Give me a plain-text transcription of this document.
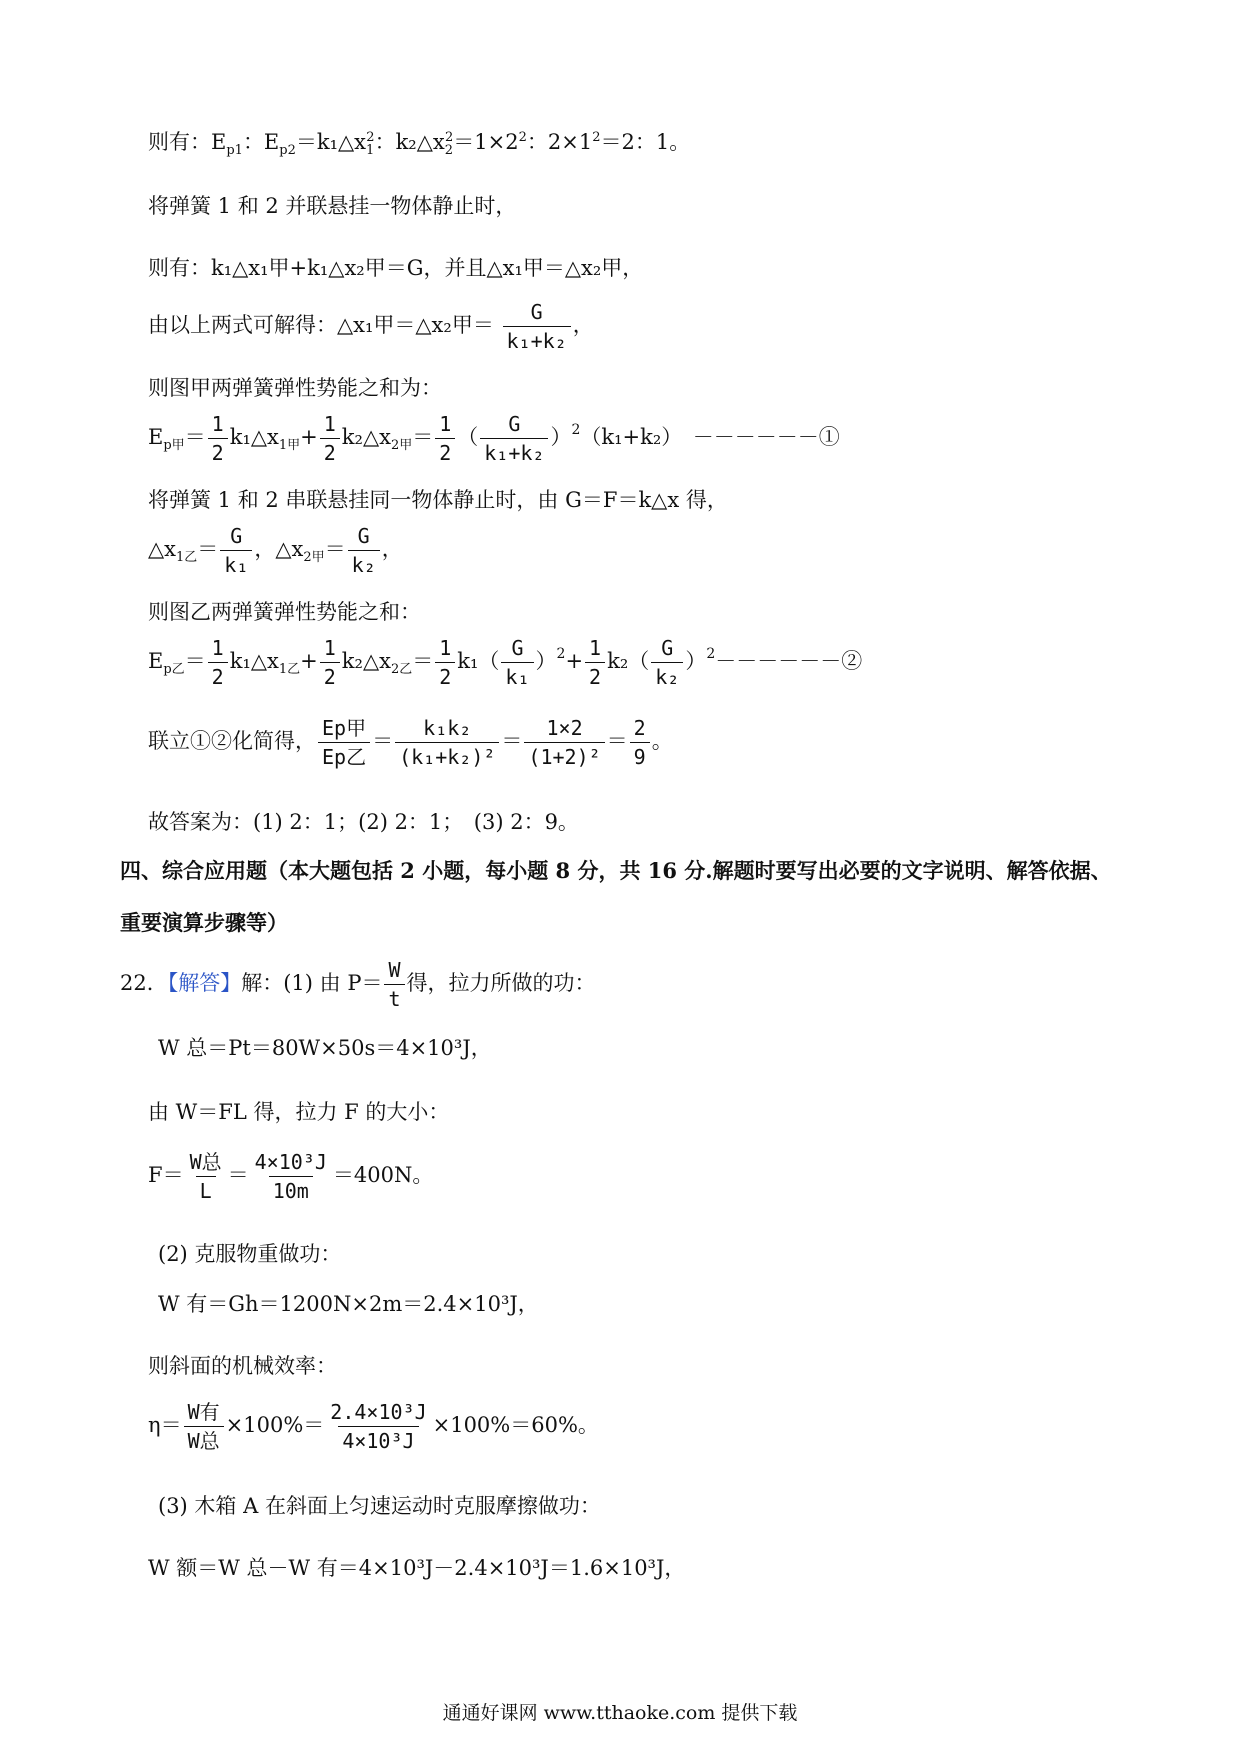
则有：$E_{p1}$：$E_{p2}=k_1\triangle x_1^2$：$k_2\triangle x_2^2=1\times 2^2$：$2\times 1^2=2$：1。
将弹簧 1 和 2 并联悬挂一物体静止时，
则有：k₁△x₁甲+k₁△x₂甲＝G，并且△x₁甲＝△x₂甲，
由以上两式可解得：△x₁甲＝△x₂甲＝ $\frac{G}{\text{k₁+k₂}}$ ，
则图甲两弹簧弹性势能之和为：
$E_{p甲}= \frac{1}{2}$ $k_1\triangle x_{1甲}+ \frac{1}{2}$ $k_2\triangle x_{2甲}= \frac{1}{2}$ （ $\frac{G}{\text{k₁+k₂}} )^2(k_1+k_2)$　－－－－－－①
将弹簧 1 和 2 串联悬挂同一物体静止时，由 G＝F＝k△x 得，
$\triangle x_{1乙}= \frac{G}{\text{k₁}}$ ，$\triangle x_{2甲}= \frac{G}{\text{k₂}}$ ，
则图乙两弹簧弹性势能之和：
$E_{p乙}= \frac{1}{2}$ $k_1\triangle x_{1乙}+ \frac{1}{2}$ $k_2\triangle x_{2乙}= \frac{1}{2} k_1( \frac{G}{\text{k₁}} )^2+ \frac{1}{2} k_2( \frac{G}{\text{k₂}}$ ）$^2------②$
联立①②化简得， $\frac{\text{Ep甲}}{\text{Ep乙}} = \frac{\text{k₁k₂}}{\text{(k₁+k₂)²}} = \frac{1\times 2}{\text{(1+2)²}} = \frac{2}{9}$ 。
故答案为：(1) 2：1；(2) 2：1；　(3) 2：9。
四、综合应用题（本大题包括 2 小题，每小题 8 分，共 16 分.解题时要写出必要的文字说明、解答依据、
重要演算步骤等）
22．【解答】解：(1) 由 $P= \frac{W}{t}$ 得，拉力所做的功：
W 总＝Pt＝80W×50s＝4×10³J，
由 W＝FL 得，拉力 F 的大小：
$F= \frac{\text{W总}}{L} = \frac{\text{4×10³J}}{10m} =400N$。
(2) 克服物重做功：
W 有＝Gh＝1200N×2m＝2.4×10³J，
则斜面的机械效率：
$\eta= \frac{\text{W有}}{\text{W总}} \times 100\%= \frac{\text{2.4×10³J}}{\text{4×10³J}} \times 100\%=60\%$。
(3) 木箱 A 在斜面上匀速运动时克服摩擦做功：
W 额＝W 总－W 有＝4×10³J－2.4×10³J＝1.6×10³J，
通通好课网 www.tthaoke.com 提供下载
